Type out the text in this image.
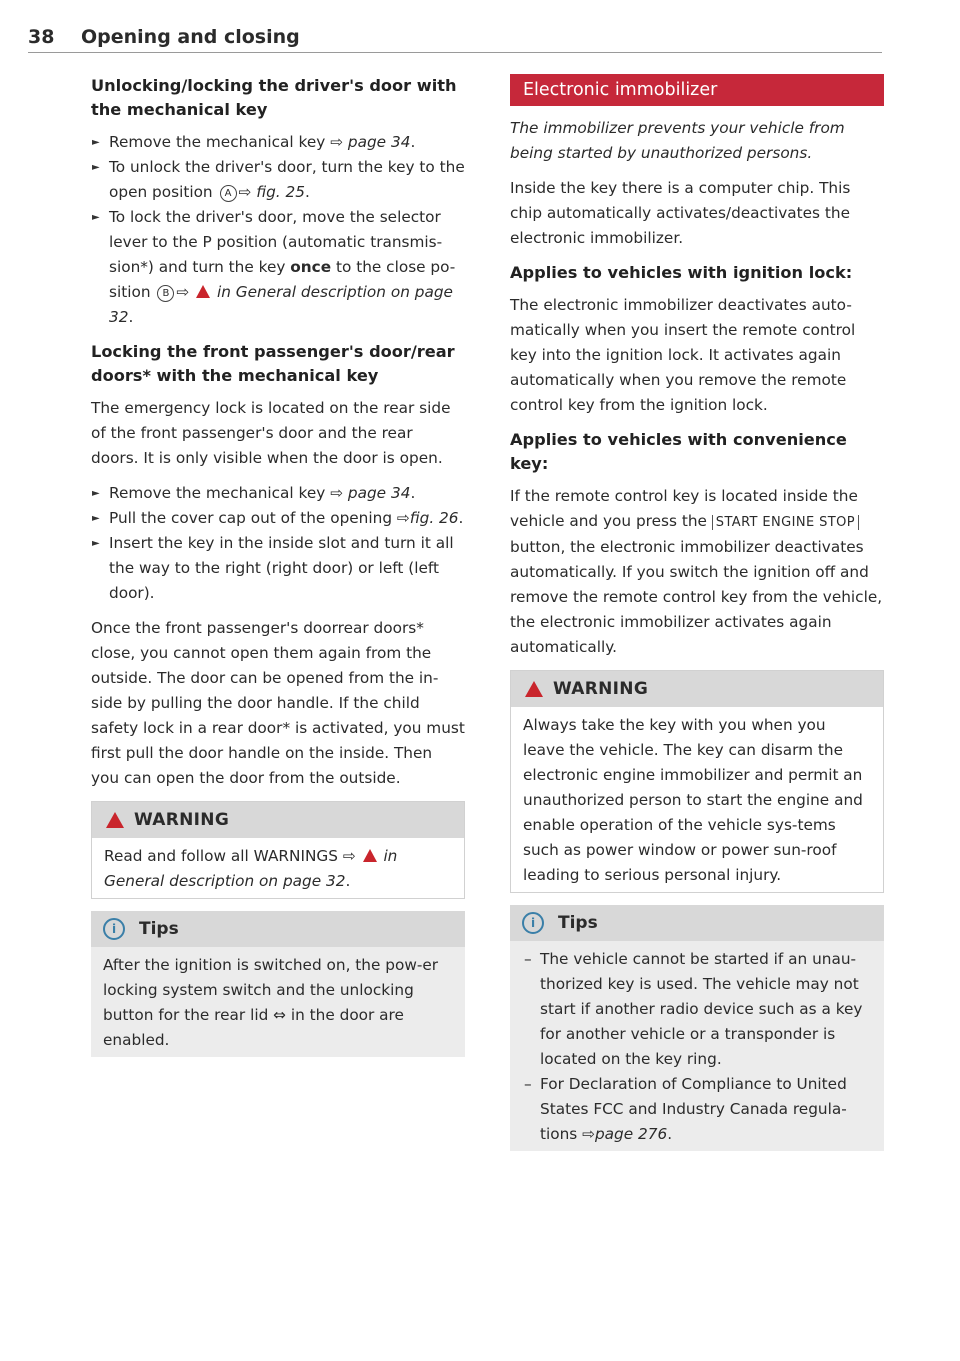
38 Opening and closing
Unlocking/locking the driver's door with the mechanical key
► Remove the mechanical key ⇨ page 34.
► To unlock the driver's door, turn the key to the open position A ⇨ fig. 25.
► To lock the driver's door, move the selector lever to the P position (automatic transmis-sion*) and turn the key once to the close po-sition B ⇨ in General description on page 32.
Locking the front passenger's door/rear doors* with the mechanical key

The emergency lock is located on the rear side of the front passenger's door and the rear doors. It is only visible when the door is open.

► Remove the mechanical key ⇨ page 34.
► Pull the cover cap out of the opening ⇨fig. 26.
► Insert the key in the inside slot and turn it all the way to the right (right door) or left (left door).

Once the front passenger's doorrear doors* close, you cannot open them again from the outside. The door can be opened from the in-side by pulling the door handle. If the child safety lock in a rear door* is activated, you must first pull the door handle on the inside. Then you can open the door from the outside.

WARNING
Read and follow all WARNINGS ⇨ in General description on page 32.
i	Tips
After the ignition is switched on, the pow-er locking system switch and the unlocking button for the rear lid ⇔ in the door are enabled.
Electronic immobilizer

The immobilizer prevents your vehicle from being started by unauthorized persons.

Inside the key there is a computer chip. This chip automatically activates/deactivates the electronic immobilizer.

Applies to vehicles with ignition lock:

The electronic immobilizer deactivates auto-matically when you insert the remote control key into the ignition lock. It activates again automatically when you remove the remote control key from the ignition lock.

Applies to vehicles with convenience key:

If the remote control key is located inside the vehicle and you press the START ENGINE STOP button, the electronic immobilizer deactivates automatically. If you switch the ignition off and remove the remote control key from the vehicle, the electronic immobilizer activates again automatically.

WARNING
Always take the key with you when you leave the vehicle. The key can disarm the electronic engine immobilizer and permit an unauthorized person to start the engine and enable operation of the vehicle sys-tems such as power window or power sun-roof leading to serious personal injury.
i	Tips
– The vehicle cannot be started if an unau-thorized key is used. The vehicle may not start if another radio device such as a key for another vehicle or a transponder is located on the key ring.
– For Declaration of Compliance to United States FCC and Industry Canada regula-tions ⇨page 276.
